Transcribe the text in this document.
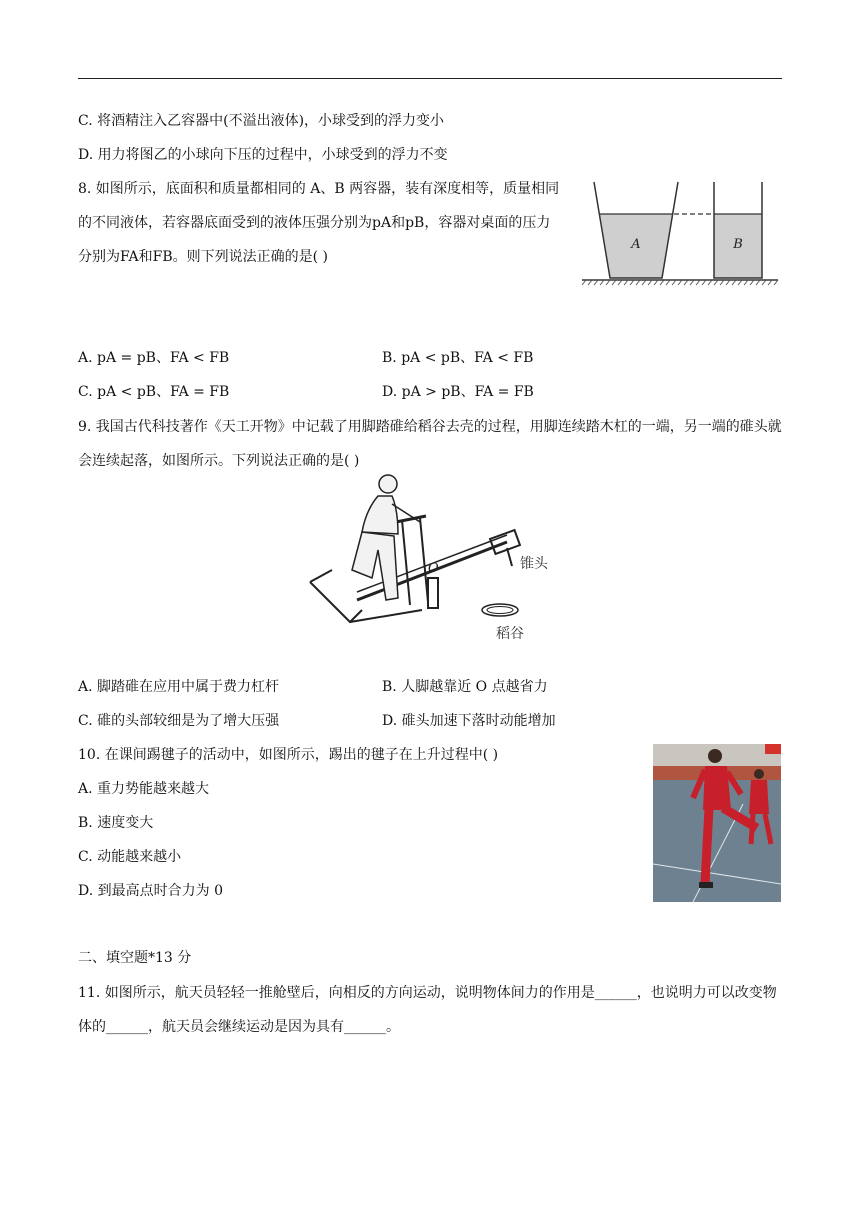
C. 将酒精注入乙容器中(不溢出液体)，小球受到的浮力变小
D. 用力将图乙的小球向下压的过程中，小球受到的浮力不变
8. 如图所示，底面积和质量都相同的 A、B 两容器，装有深度相等，质量相同的不同液体，若容器底面受到的液体压强分别为pA和pB，容器对桌面的压力分别为FA和FB。则下列说法正确的是( )
A	B
A. pA = pB、FA < FB	B. pA < pB、FA < FB
C. pA < pB、FA = FB	D. pA > pB、FA = FB
9. 我国古代科技著作《天工开物》中记载了用脚踏碓给稻谷去壳的过程，用脚连续踏木杠的一端，另一端的碓头就会连续起落，如图所示。下列说法正确的是( )
O	锥头
稻谷
A. 脚踏碓在应用中属于费力杠杆	B. 人脚越靠近 O 点越省力
C. 碓的头部较细是为了增大压强	D. 碓头加速下落时动能增加
10. 在课间踢毽子的活动中，如图所示，踢出的毽子在上升过程中( )
A. 重力势能越来越大
B. 速度变大
C. 动能越来越小
D. 到最高点时合力为 0
二、填空题*13 分
11. 如图所示，航天员轻轻一推舱壁后，向相反的方向运动，说明物体间力的作用是______，也说明力可以改变物体的______，航天员会继续运动是因为具有______。
